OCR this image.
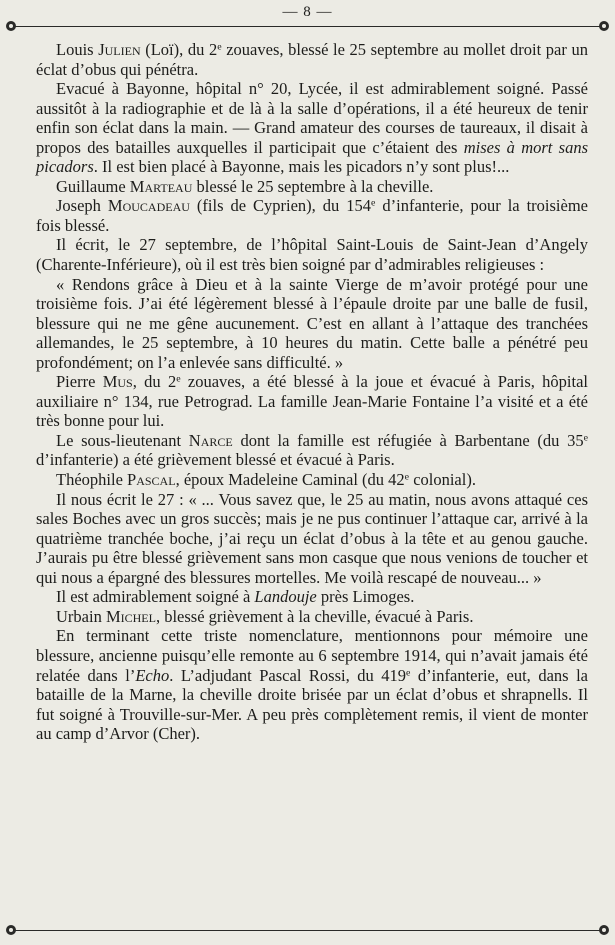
— 8 —

Louis Julien (Loï), du 2e zouaves, blessé le 25 septembre au mollet droit par un éclat d’obus qui pénétra.

Evacué à Bayonne, hôpital n° 20, Lycée, il est admirablement soigné. Passé aussitôt à la radiographie et de là à la salle d’opérations, il a été heureux de tenir enfin son éclat dans la main. — Grand amateur des courses de taureaux, il disait à propos des batailles auxquelles il participait que c’étaient des mises à mort sans picadors. Il est bien placé à Bayonne, mais les picadors n’y sont plus!...

Guillaume Marteau blessé le 25 septembre à la cheville.

Joseph Moucadeau (fils de Cyprien), du 154e d’infanterie, pour la troisième fois blessé.

Il écrit, le 27 septembre, de l’hôpital Saint-Louis de Saint-Jean d’Angely (Charente-Inférieure), où il est très bien soigné par d’admirables religieuses :

« Rendons grâce à Dieu et à la sainte Vierge de m’avoir protégé pour une troisième fois. J’ai été légèrement blessé à l’épaule droite par une balle de fusil, blessure qui ne me gêne aucunement. C’est en allant à l’attaque des tranchées allemandes, le 25 septembre, à 10 heures du matin. Cette balle a pénétré peu profondément; on l’a enlevée sans difficulté. »

Pierre Mus, du 2e zouaves, a été blessé à la joue et évacué à Paris, hôpital auxiliaire n° 134, rue Petrograd. La famille Jean-Marie Fontaine l’a visité et a été très bonne pour lui.

Le sous-lieutenant Narce dont la famille est réfugiée à Barbentane (du 35e d’infanterie) a été grièvement blessé et évacué à Paris.

Théophile Pascal, époux Madeleine Caminal (du 42e colonial).

Il nous écrit le 27 : « ... Vous savez que, le 25 au matin, nous avons attaqué ces sales Boches avec un gros succès; mais je ne pus continuer l’attaque car, arrivé à la quatrième tranchée boche, j’ai reçu un éclat d’obus à la tête et au genou gauche. J’aurais pu être blessé grièvement sans mon casque que nous venions de toucher et qui nous a épargné des blessures mortelles. Me voilà rescapé de nouveau... »

Il est admirablement soigné à Landouje près Limoges.

Urbain Michel, blessé grièvement à la cheville, évacué à Paris.

En terminant cette triste nomenclature, mentionnons pour mémoire une blessure, ancienne puisqu’elle remonte au 6 septembre 1914, qui n’avait jamais été relatée dans l’Echo. L’adjudant Pascal Rossi, du 419e d’infanterie, eut, dans la bataille de la Marne, la cheville droite brisée par un éclat d’obus et shrapnells. Il fut soigné à Trouville-sur-Mer. A peu près complètement remis, il vient de monter au camp d’Arvor (Cher).
